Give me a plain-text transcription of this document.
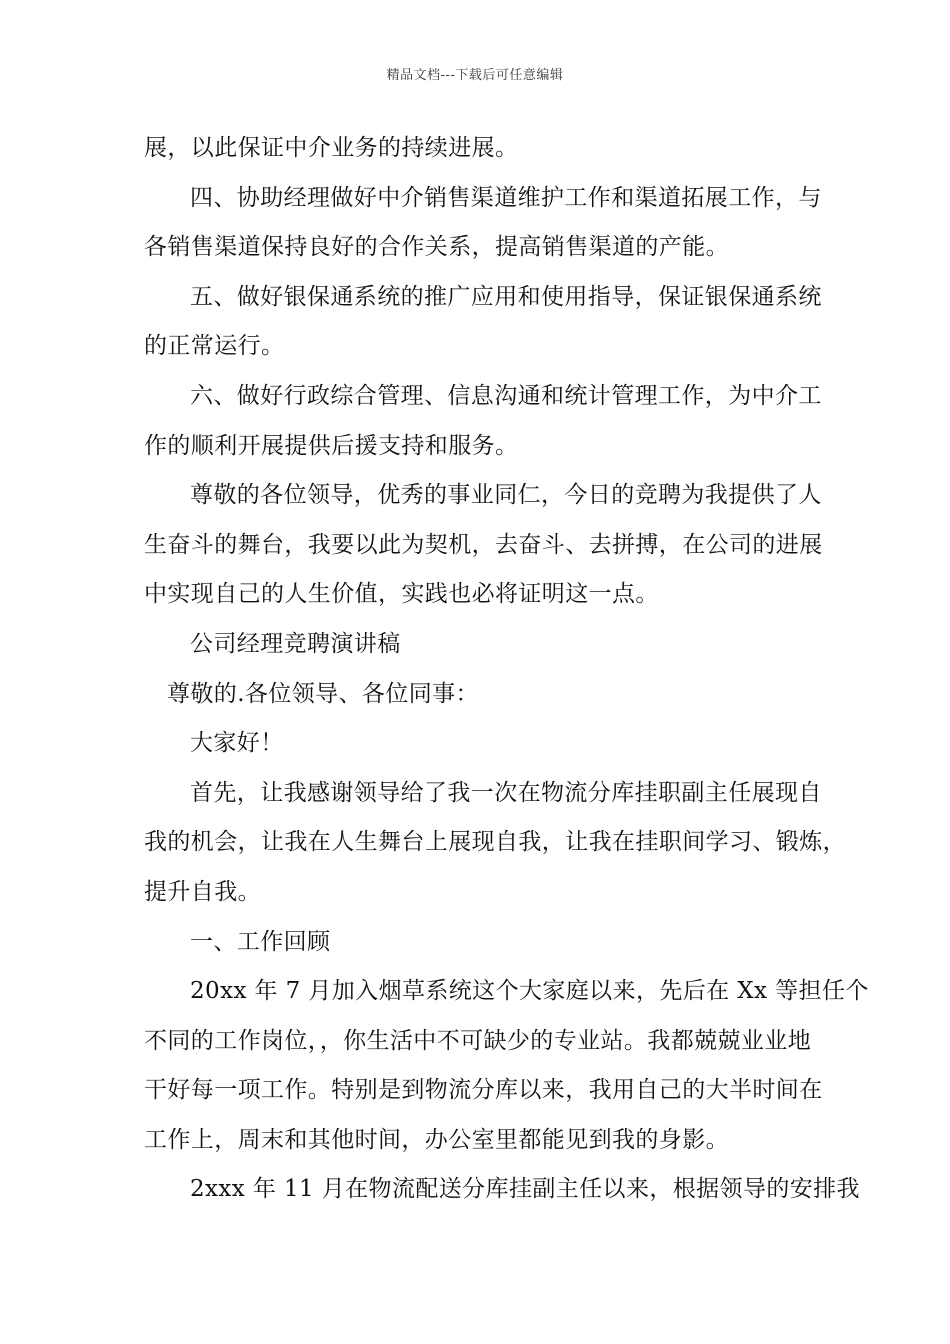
精品文档---下载后可任意编辑
展，以此保证中介业务的持续进展。
四、协助经理做好中介销售渠道维护工作和渠道拓展工作，与
各销售渠道保持良好的合作关系，提高销售渠道的产能。
五、做好银保通系统的推广应用和使用指导，保证银保通系统
的正常运行。
六、做好行政综合管理、信息沟通和统计管理工作，为中介工
作的顺利开展提供后援支持和服务。
尊敬的各位领导，优秀的事业同仁，今日的竞聘为我提供了人
生奋斗的舞台，我要以此为契机，去奋斗、去拼搏，在公司的进展
中实现自己的人生价值，实践也必将证明这一点。
公司经理竞聘演讲稿
尊敬的.各位领导、各位同事：
大家好！
首先，让我感谢领导给了我一次在物流分库挂职副主任展现自
我的机会，让我在人生舞台上展现自我，让我在挂职间学习、锻炼，
提升自我。
一、工作回顾
20xx 年 7 月加入烟草系统这个大家庭以来，先后在 Xx 等担任个
不同的工作岗位，，你生活中不可缺少的专业站。我都兢兢业业地
干好每一项工作。特别是到物流分库以来，我用自己的大半时间在
工作上，周末和其他时间，办公室里都能见到我的身影。
2xxx 年 11 月在物流配送分库挂副主任以来，根据领导的安排我
